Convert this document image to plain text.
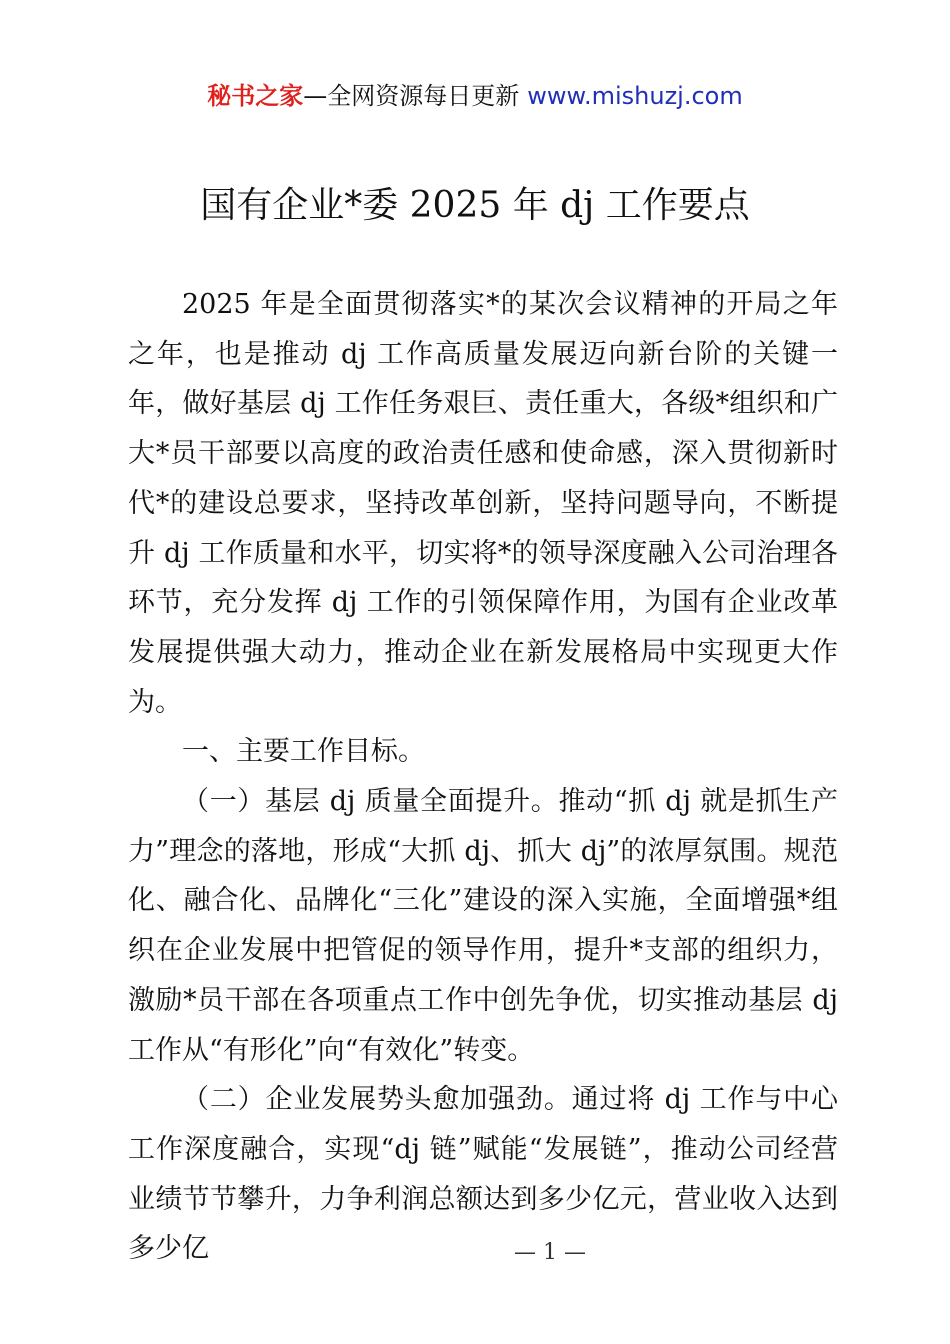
秘书之家—全网资源每日更新 www.mishuzj.com
国有企业*委 2025 年 dj 工作要点

2025 年是全面贯彻落实*的某次会议精神的开局之年之年，也是推动 dj 工作高质量发展迈向新台阶的关键一年，做好基层 dj 工作任务艰巨、责任重大，各级*组织和广大*员干部要以高度的政治责任感和使命感，深入贯彻新时代*的建设总要求，坚持改革创新，坚持问题导向，不断提升 dj 工作质量和水平，切实将*的领导深度融入公司治理各环节，充分发挥 dj 工作的引领保障作用，为国有企业改革发展提供强大动力，推动企业在新发展格局中实现更大作为。

一、主要工作目标。

（一）基层 dj 质量全面提升。推动“抓 dj 就是抓生产力”理念的落地，形成“大抓 dj、抓大 dj”的浓厚氛围。规范化、融合化、品牌化“三化”建设的深入实施，全面增强*组织在企业发展中把管促的领导作用，提升*支部的组织力，激励*员干部在各项重点工作中创先争优，切实推动基层 dj 工作从“有形化”向“有效化”转变。

（二）企业发展势头愈加强劲。通过将 dj 工作与中心工作深度融合，实现“dj 链”赋能“发展链”，推动公司经营业绩节节攀升，力争利润总额达到多少亿元，营业收入达到多少亿	— 1 —
